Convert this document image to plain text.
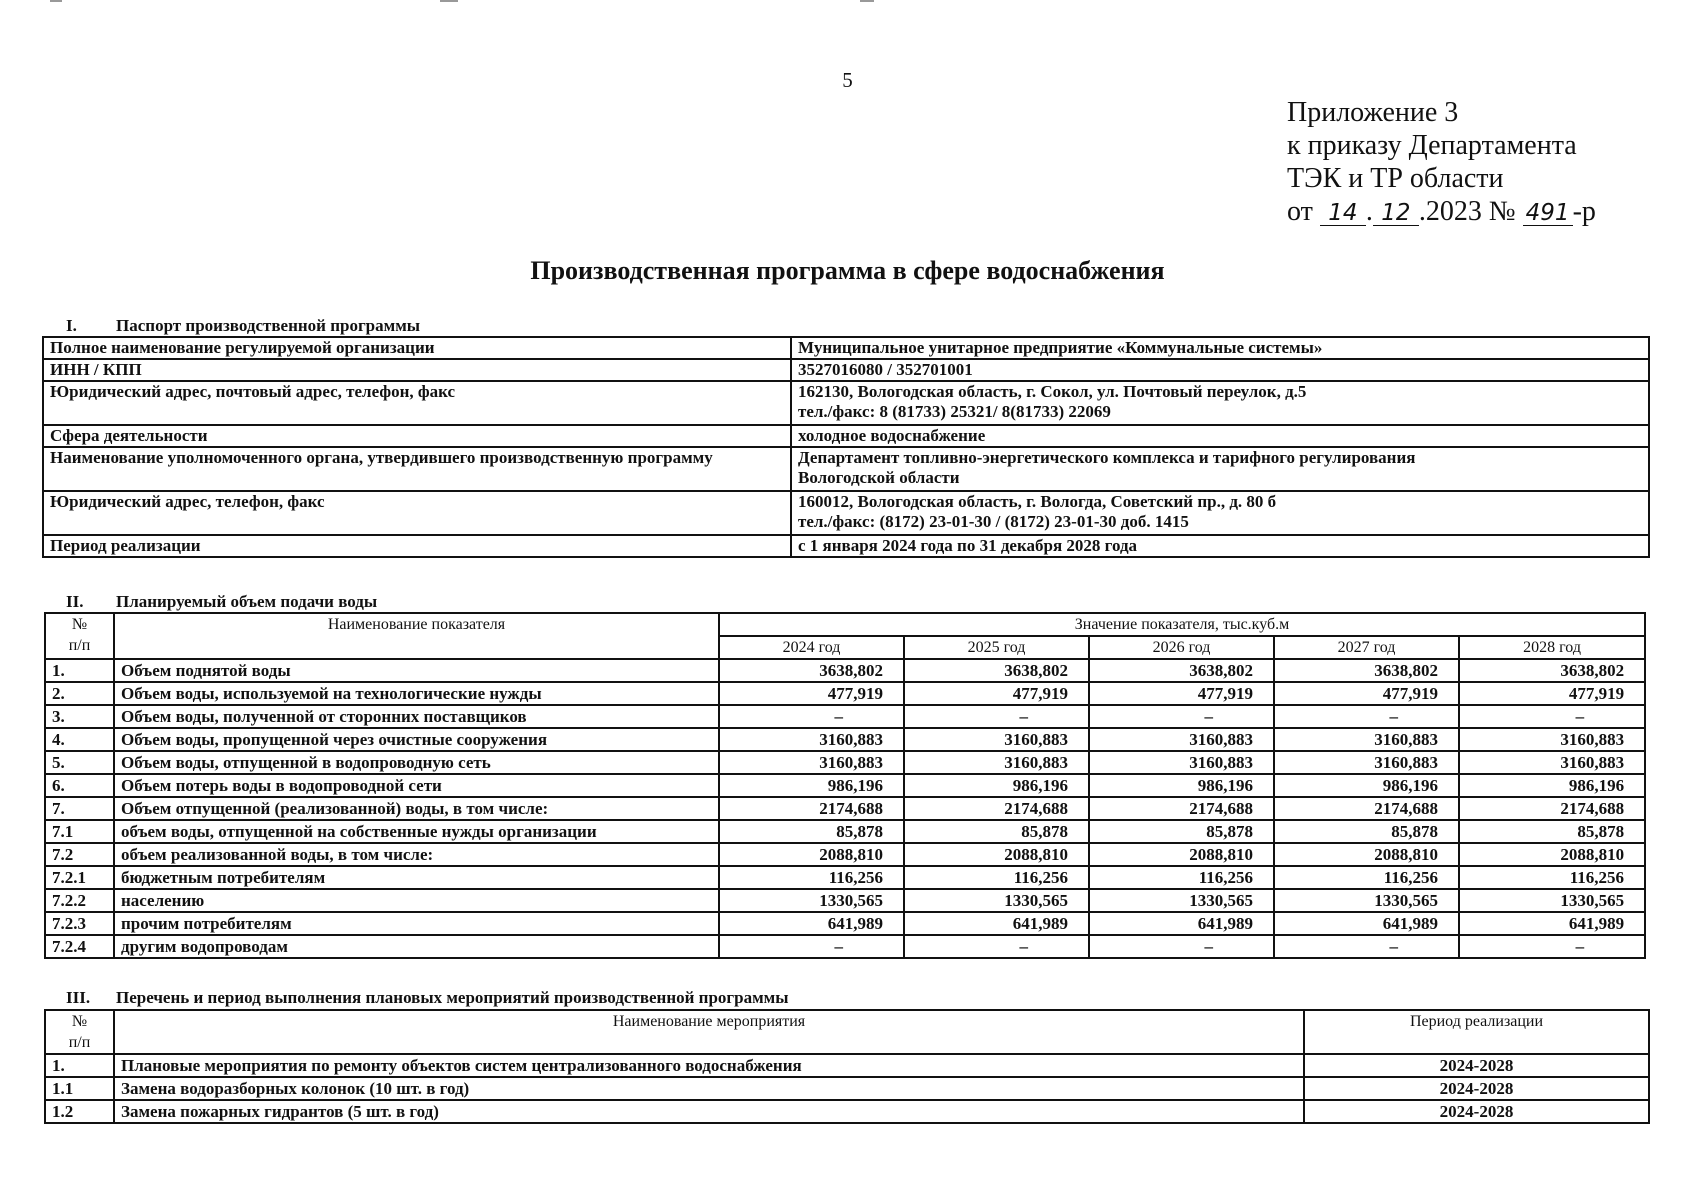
5
Приложение 3
к приказу Департамента
ТЭК и ТР области
от 14 . 12 .2023 № 491 -р
Производственная программа в сфере водоснабжения
I. Паспорт производственной программы
Полное наименование регулируемой организации	Муниципальное унитарное предприятие «Коммунальные системы»

ИНН / КПП	3527016080 / 352701001

Юридический адрес, почтовый адрес, телефон, факс	162130, Вологодская область, г. Сокол, ул. Почтовый переулок, д.5
тел./факс: 8 (81733) 25321/ 8(81733) 22069

Сфера деятельности	холодное водоснабжение

Наименование уполномоченного органа, утвердившего производственную программу	Департамент топливно-энергетического комплекса и тарифного регулирования
Вологодской области

Юридический адрес, телефон, факс	160012, Вологодская область, г. Вологда, Советский пр., д. 80 б
тел./факс: (8172) 23-01-30 / (8172) 23-01-30 доб. 1415

Период реализации	с 1 января 2024 года по 31 декабря 2028 года
II. Планируемый объем подачи воды
№
п/п	Наименование показателя	Значение показателя, тыс.куб.м				
		2024 год	2025 год	2026 год	2027 год	2028 год
1.	Объем поднятой воды	3638,802	3638,802	3638,802	3638,802	3638,802
2.	Объем воды, используемой на технологические нужды	477,919	477,919	477,919	477,919	477,919
3.	Объем воды, полученной от сторонних поставщиков	–	–	–	–	–
4.	Объем воды, пропущенной через очистные сооружения	3160,883	3160,883	3160,883	3160,883	3160,883
5.	Объем воды, отпущенной в водопроводную сеть	3160,883	3160,883	3160,883	3160,883	3160,883
6.	Объем потерь воды в водопроводной сети	986,196	986,196	986,196	986,196	986,196
7.	Объем отпущенной (реализованной) воды, в том числе:	2174,688	2174,688	2174,688	2174,688	2174,688
7.1	объем воды, отпущенной на собственные нужды организации	85,878	85,878	85,878	85,878	85,878
7.2	объем реализованной воды, в том числе:	2088,810	2088,810	2088,810	2088,810	2088,810
7.2.1	бюджетным потребителям	116,256	116,256	116,256	116,256	116,256
7.2.2	населению	1330,565	1330,565	1330,565	1330,565	1330,565
7.2.3	прочим потребителям	641,989	641,989	641,989	641,989	641,989
7.2.4	другим водопроводам	–	–	–	–	–
III. Перечень и период выполнения плановых мероприятий производственной программы
№
п/п	Наименование мероприятия	Период реализации
1.	Плановые мероприятия по ремонту объектов систем централизованного водоснабжения	2024-2028
1.1	Замена водоразборных колонок (10 шт. в год)	2024-2028
1.2	Замена пожарных гидрантов (5 шт. в год)	2024-2028
